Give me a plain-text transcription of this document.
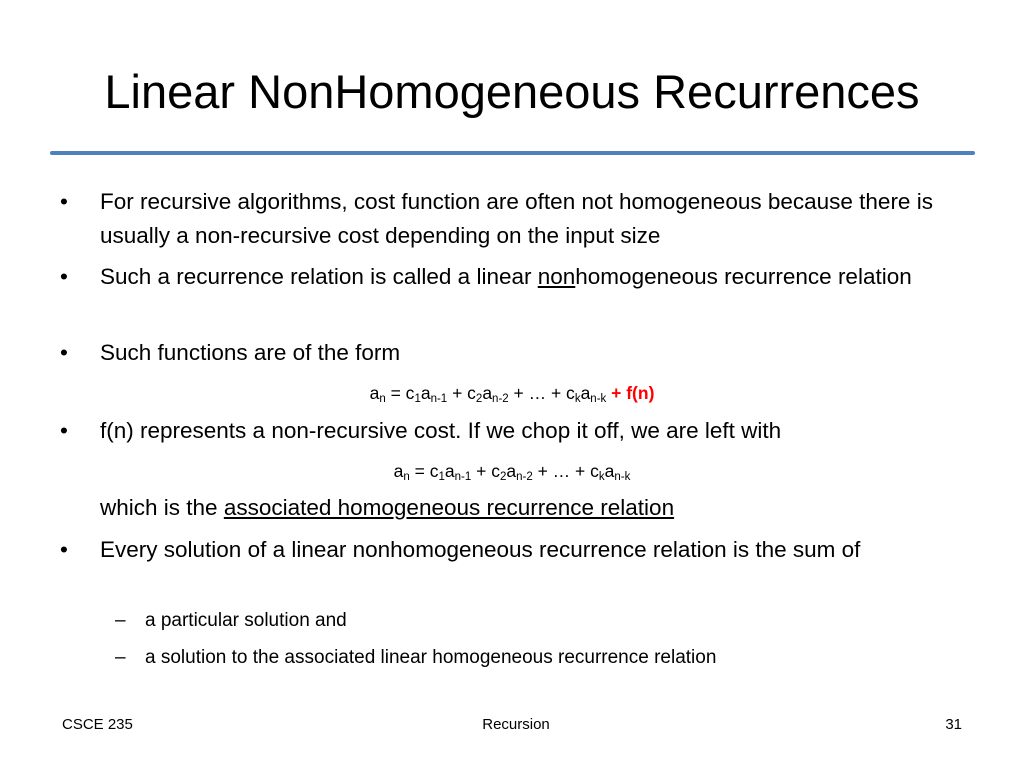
Linear NonHomogeneous Recurrences
• For recursive algorithms, cost function are often not homogeneous because there is usually a non-recursive cost depending on the input size
• Such a recurrence relation is called a linear nonhomogeneous recurrence relation
• Such functions are of the form
$a_n = c_1a_{n-1} + c_2a_{n-2}$ + … + $c_ka_{n-k} + f(n)$
• f(n) represents a non-recursive cost. If we chop it off, we are left with
$a_n = c_1a_{n-1} + c_2a_{n-2}$ + … + $c_ka_{n-k}$
which is the associated homogeneous recurrence relation
• Every solution of a linear nonhomogeneous recurrence relation is the sum of
– a particular solution and
– a solution to the associated linear homogeneous recurrence relation
CSCE 235	Recursion	31
